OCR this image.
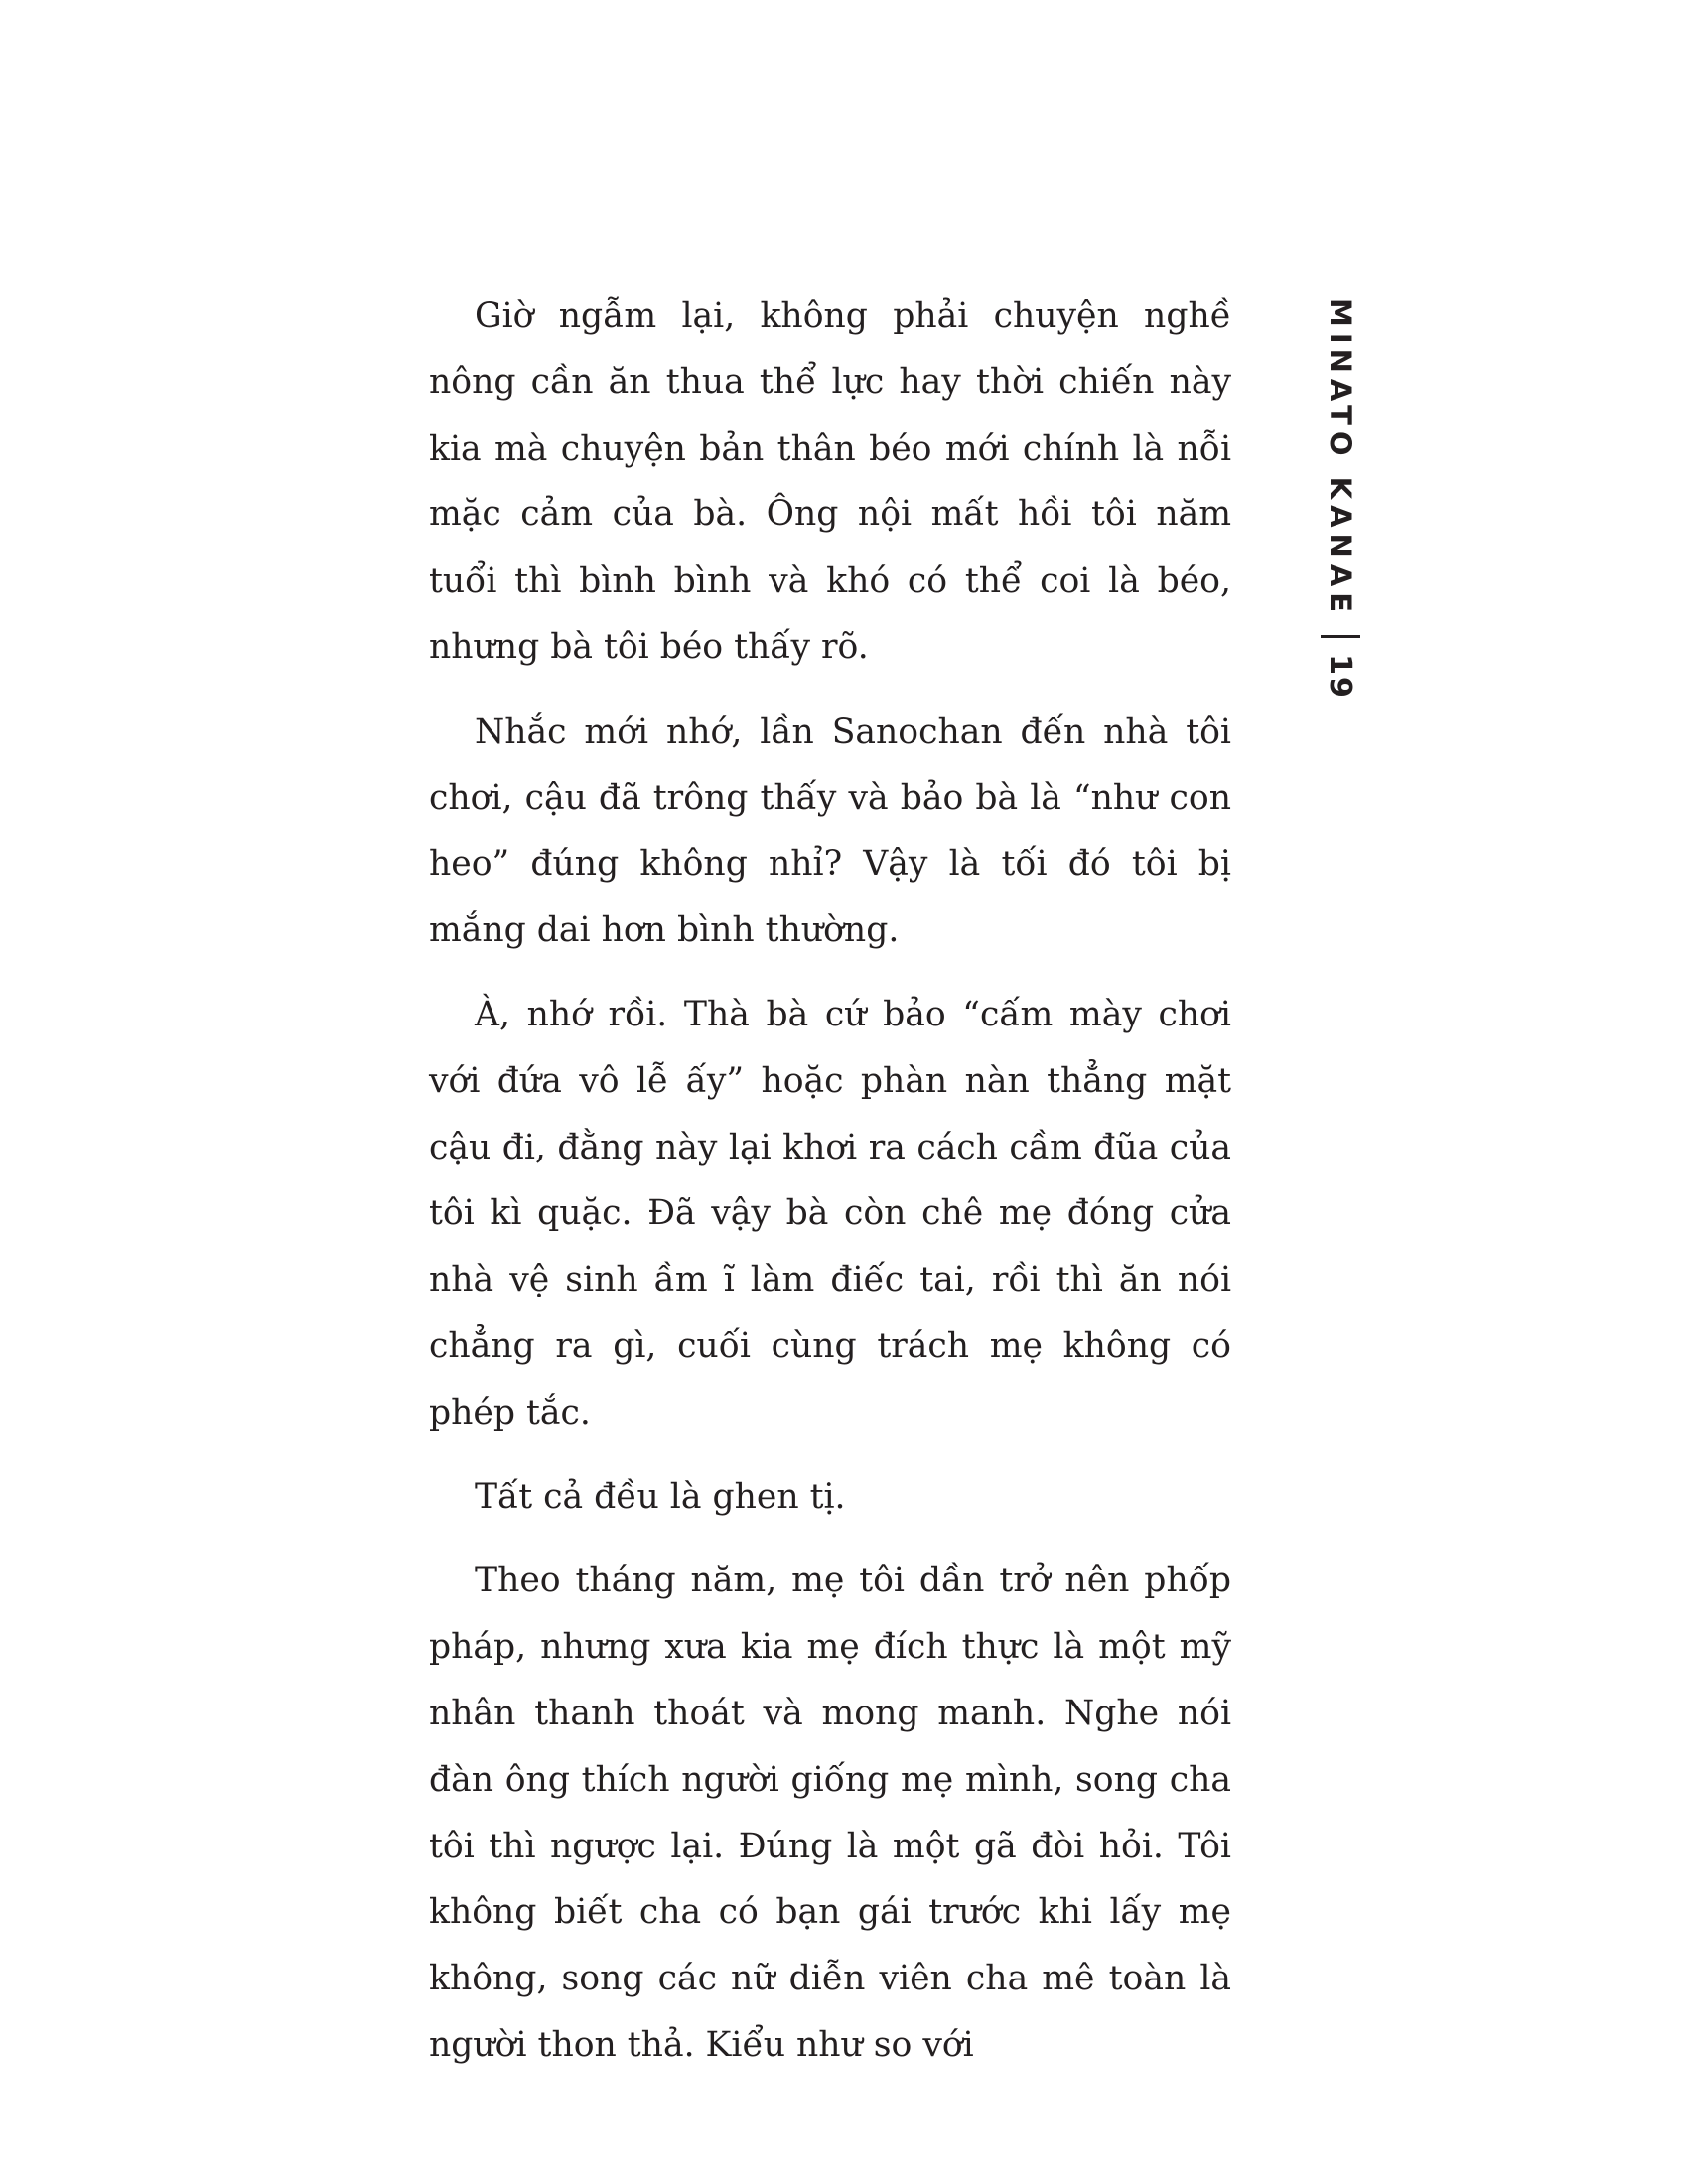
Giờ ngẫm lại, không phải chuyện nghề nông cần ăn thua thể lực hay thời chiến này kia mà chuyện bản thân béo mới chính là nỗi mặc cảm của bà. Ông nội mất hồi tôi năm tuổi thì bình bình và khó có thể coi là béo, nhưng bà tôi béo thấy rõ.

Nhắc mới nhớ, lần Sanochan đến nhà tôi chơi, cậu đã trông thấy và bảo bà là “như con heo” đúng không nhỉ? Vậy là tối đó tôi bị mắng dai hơn bình thường.

À, nhớ rồi. Thà bà cứ bảo “cấm mày chơi với đứa vô lễ ấy” hoặc phàn nàn thẳng mặt cậu đi, đằng này lại khơi ra cách cầm đũa của tôi kì quặc. Đã vậy bà còn chê mẹ đóng cửa nhà vệ sinh ầm ĩ làm điếc tai, rồi thì ăn nói chẳng ra gì, cuối cùng trách mẹ không có phép tắc.

Tất cả đều là ghen tị.

Theo tháng năm, mẹ tôi dần trở nên phốp pháp, nhưng xưa kia mẹ đích thực là một mỹ nhân thanh thoát và mong manh. Nghe nói đàn ông thích người giống mẹ mình, song cha tôi thì ngược lại. Đúng là một gã đòi hỏi. Tôi không biết cha có bạn gái trước khi lấy mẹ không, song các nữ diễn viên cha mê toàn là người thon thả. Kiểu như so với

MINATO KANAE
19
